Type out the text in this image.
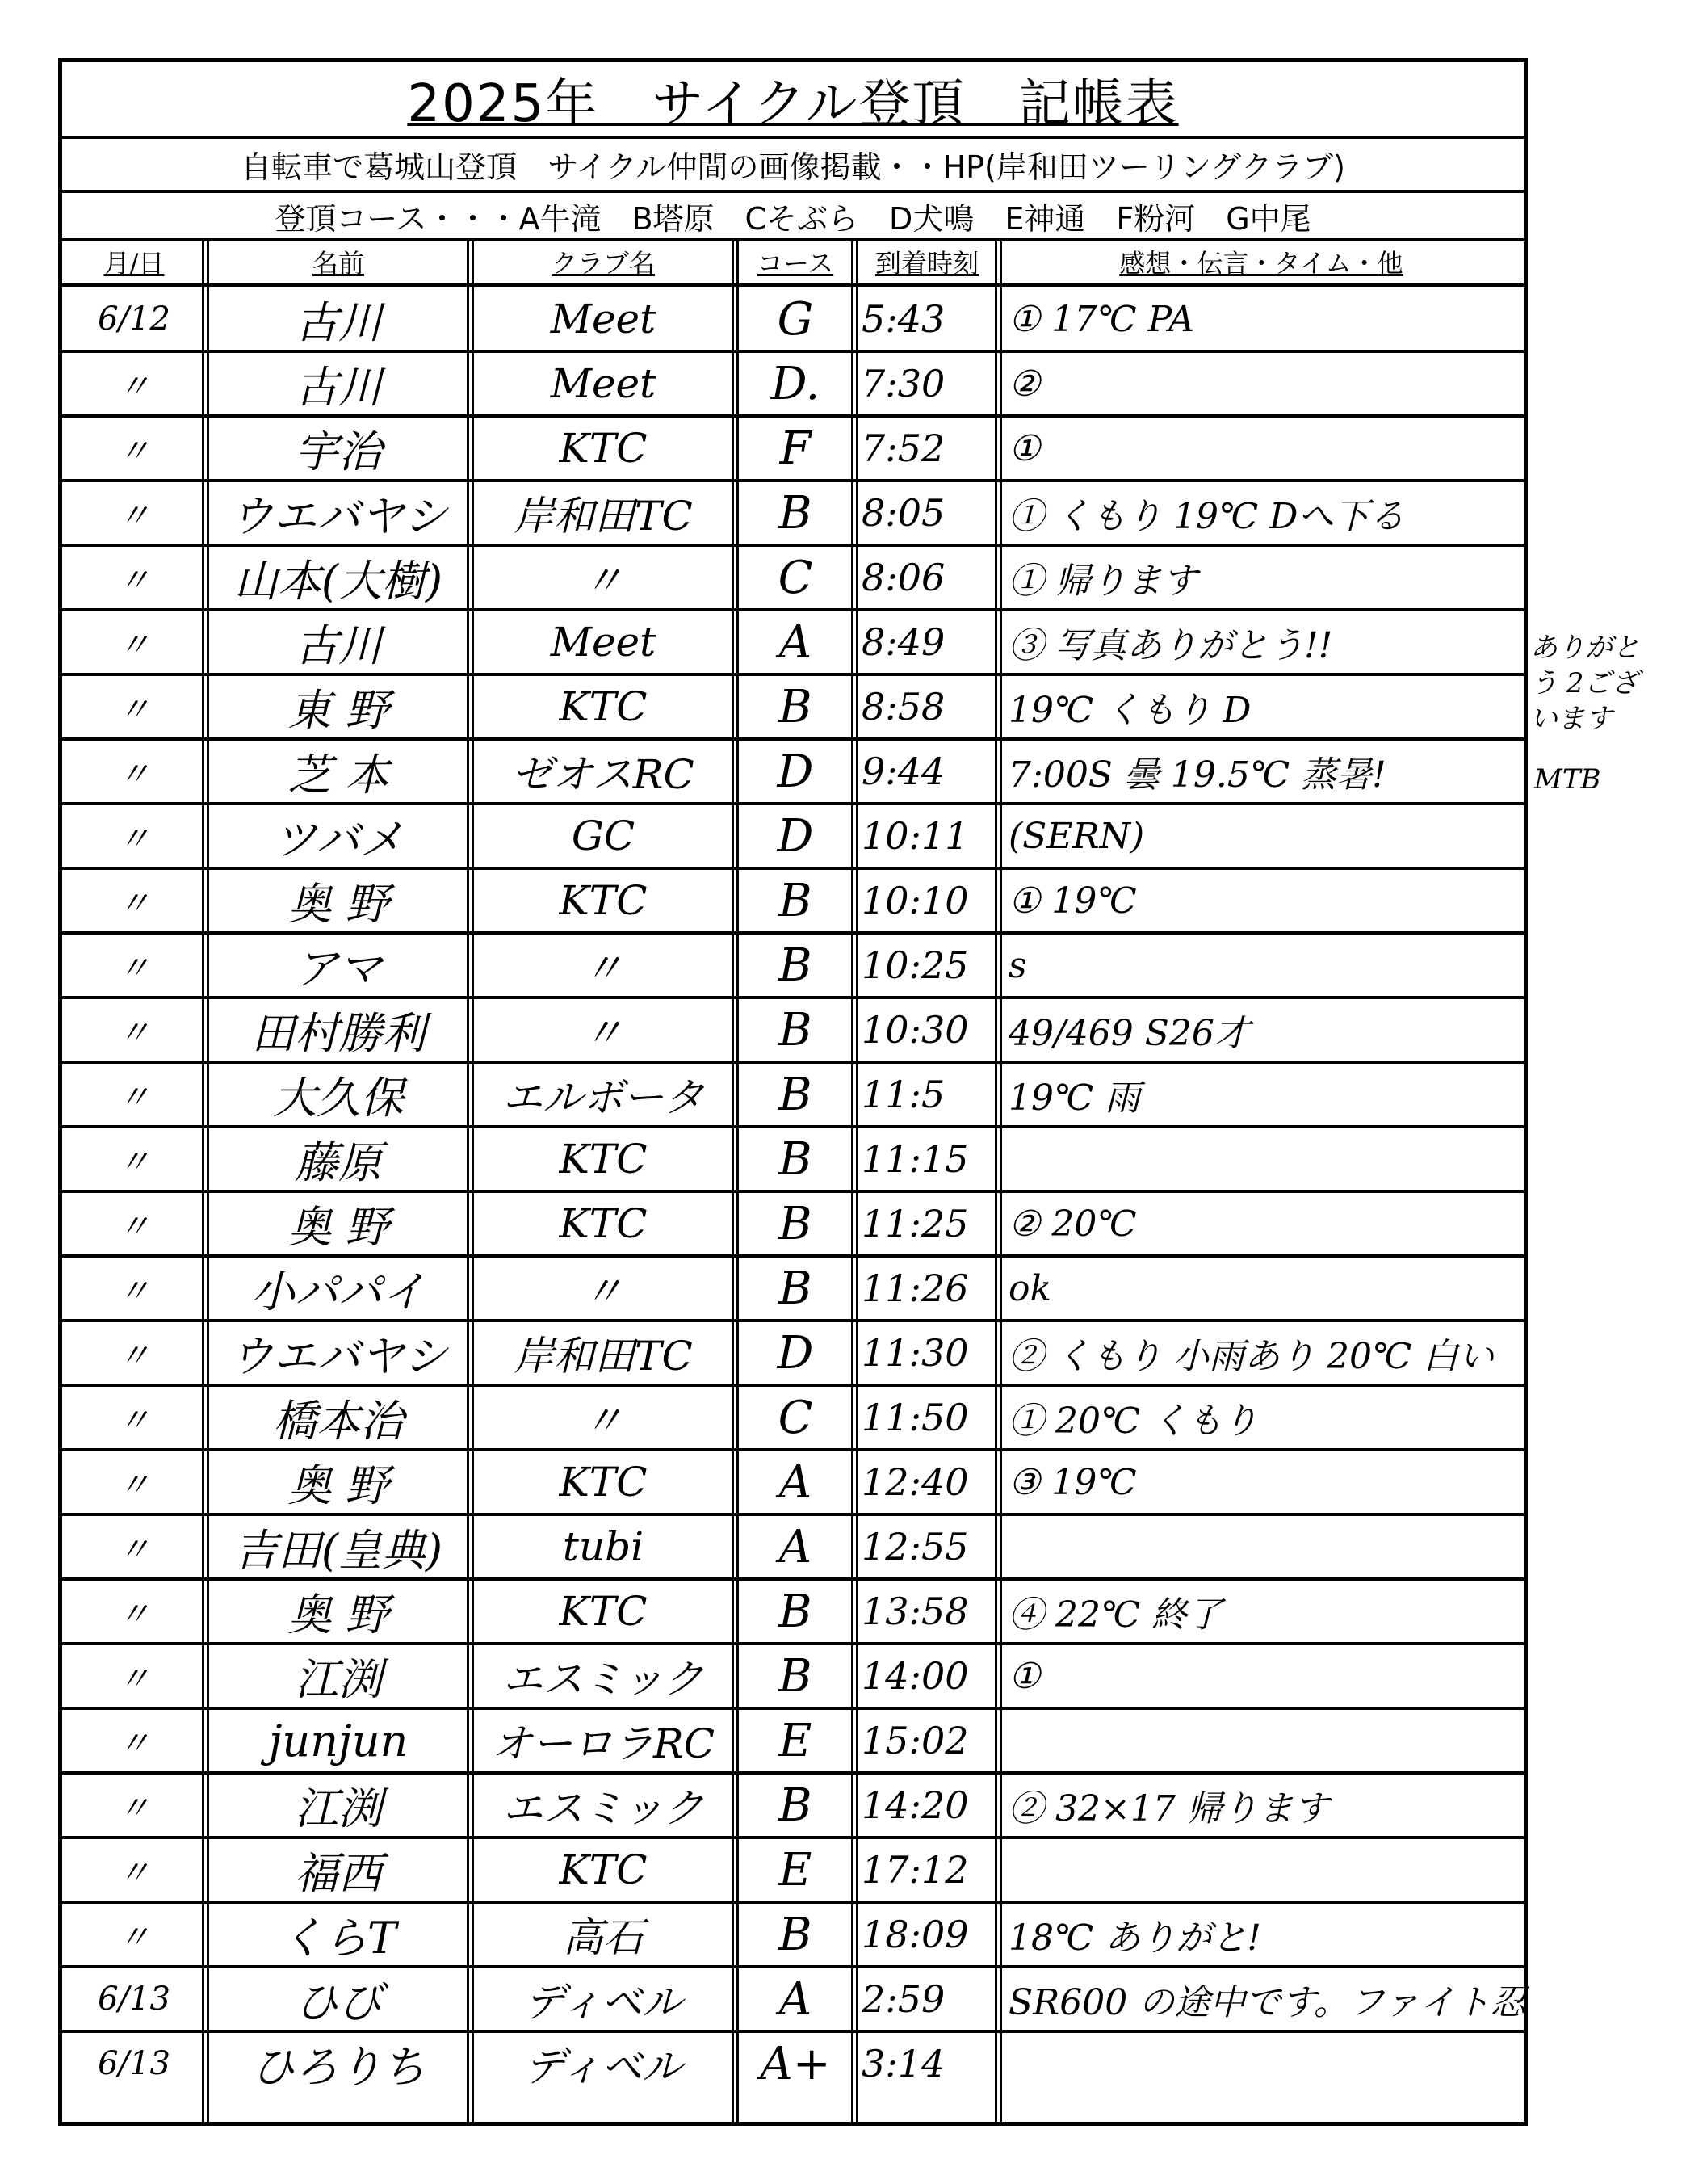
2025年　サイクル登頂　記帳表
自転車で葛城山登頂　サイクル仲間の画像掲載・・HP(岸和田ツーリングクラブ)
登頂コース・・・A牛滝　B塔原　Cそぶら　D犬鳴　E神通　F粉河　G中尾
月/日	名前	クラブ名	コース 到着時刻	感想・伝言・タイム・他
6/12	古川	Meet	G	5:43	① 17℃ PA
〃	古川	Meet	D.	7:30	②
〃	宇治	KTC	F	7:52	①
〃	ウエバヤシ	岸和田TC	B	8:05	① くもり 19℃ Dへ下る
〃	山本(大樹)	〃	C	8:06	① 帰ります
〃	古川	Meet	A	8:49	③ 写真ありがとう!!
〃	東 野	KTC	B	8:58	19℃ くもり D
〃	芝 本	ゼオスRC	D	9:44	7:00S 曇 19.5℃ 蒸暑!
〃	ツバメ	GC	D	10:11	(SERN)
〃	奥 野	KTC	B	10:10	① 19℃
〃	アマ	〃	B	10:25	s
〃	田村勝利	〃	B	10:30	49/469 S26才
〃	大久保	エルボータ	B	11:5	19℃ 雨
〃	藤原	KTC	B	11:15
〃	奥 野	KTC	B	11:25	② 20℃
〃	小パパイ	〃	B	11:26	ok
〃	ウエバヤシ	岸和田TC	D	11:30	② くもり 小雨あり 20℃ 白い
〃	橋本治	〃	C	11:50	① 20℃ くもり
〃	奥 野	KTC	A	12:40	③ 19℃
〃	吉田(皇典)	tubi	A	12:55
〃	奥 野	KTC	B	13:58	④ 22℃ 終了
〃	江渕	エスミック	B	14:00	①
〃	junjun	オーロラRC	E	15:02
〃	江渕	エスミック	B	14:20	② 32×17 帰ります
〃	福西	KTC	E	17:12
〃	くらT	高石	B	18:09	18℃ ありがと!
6/13	ひび	ディベル	A	2:59	SR600 の途中です。ファイト忍
6/13	ひろりち	ディベル	A+ 3:14
ありがとう 2ございます
MTB
